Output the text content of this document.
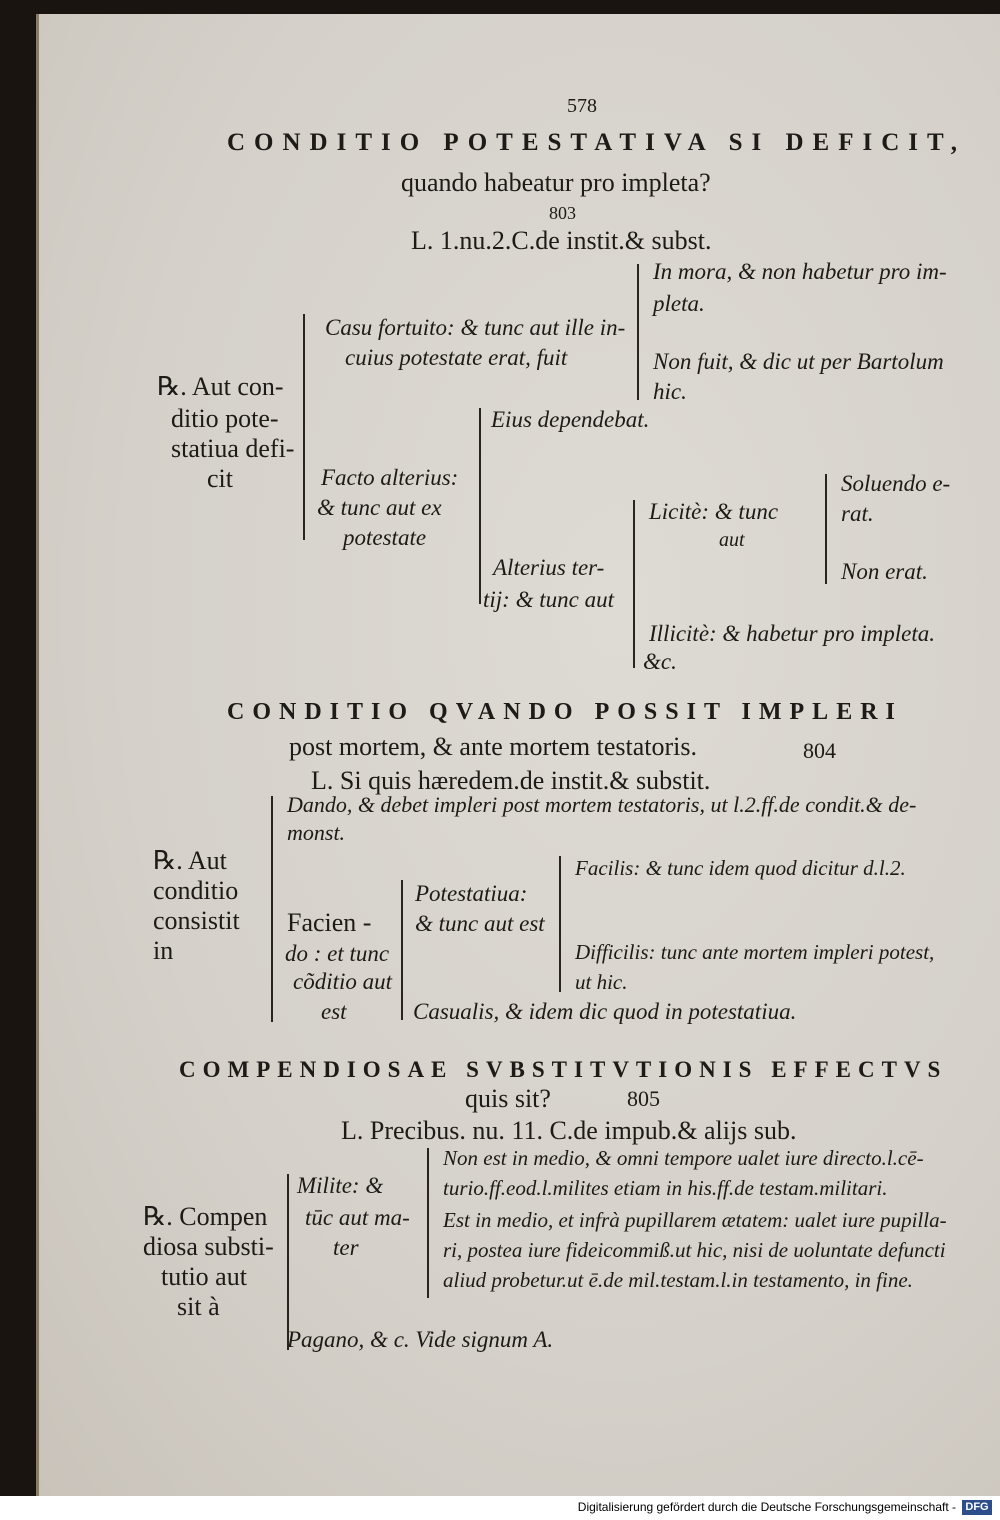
578
CONDITIO POTESTATIVA SI DEFICIT,
quando habeatur pro impleta?
803
L. 1.nu.2.C.de instit.& subst.
In mora, & non habetur pro im-
pleta.
Casu fortuito: & tunc aut ille in-
cuius potestate erat, fuit	Non fuit, & dic ut per Bartolum
hic.
℞. Aut con-
ditio pote-
statiua defi-
cit
Eius dependebat.
Facto alterius:
& tunc aut ex
potestate
Soluendo e-
rat.
Licitè: & tunc
aut
Alterius ter-
tij: & tunc aut
Non erat.
Illicitè: & habetur pro impleta.
&c.
CONDITIO QVANDO POSSIT IMPLERI
post mortem, & ante mortem testatoris.	804
L. Si quis hæredem.de instit.& substit.
Dando, & debet impleri post mortem testatoris, ut l.2.ff.de condit.& de-
monst.
℞. Aut
conditio
consistit
in
Facilis: & tunc idem quod dicitur d.l.2.
Potestatiua:
& tunc aut est
Facien -
do : et tunc
cõditio aut
est
Difficilis: tunc ante mortem impleri potest,
ut hic.
Casualis, & idem dic quod in potestatiua.
COMPENDIOSAE SVBSTITVTIONIS EFFECTVS
quis sit?	805
L. Precibus. nu. 11. C.de impub.& alijs sub.
Non est in medio, & omni tempore ualet iure directo.l.cē-
turio.ff.eod.l.milites etiam in his.ff.de testam.militari.
Milite: &
tūc aut ma-
ter
Est in medio, et infrà pupillarem ætatem: ualet iure pupilla-
ri, postea iure fideicommiß.ut hic, nisi de uoluntate defuncti
aliud probetur.ut ē.de mil.testam.l.in testamento, in fine.
℞. Compen
diosa substi-
tutio aut
sit à
Pagano, & c. Vide signum A.
Digitalisierung gefördert durch die Deutsche Forschungsgemeinschaft - DFG
